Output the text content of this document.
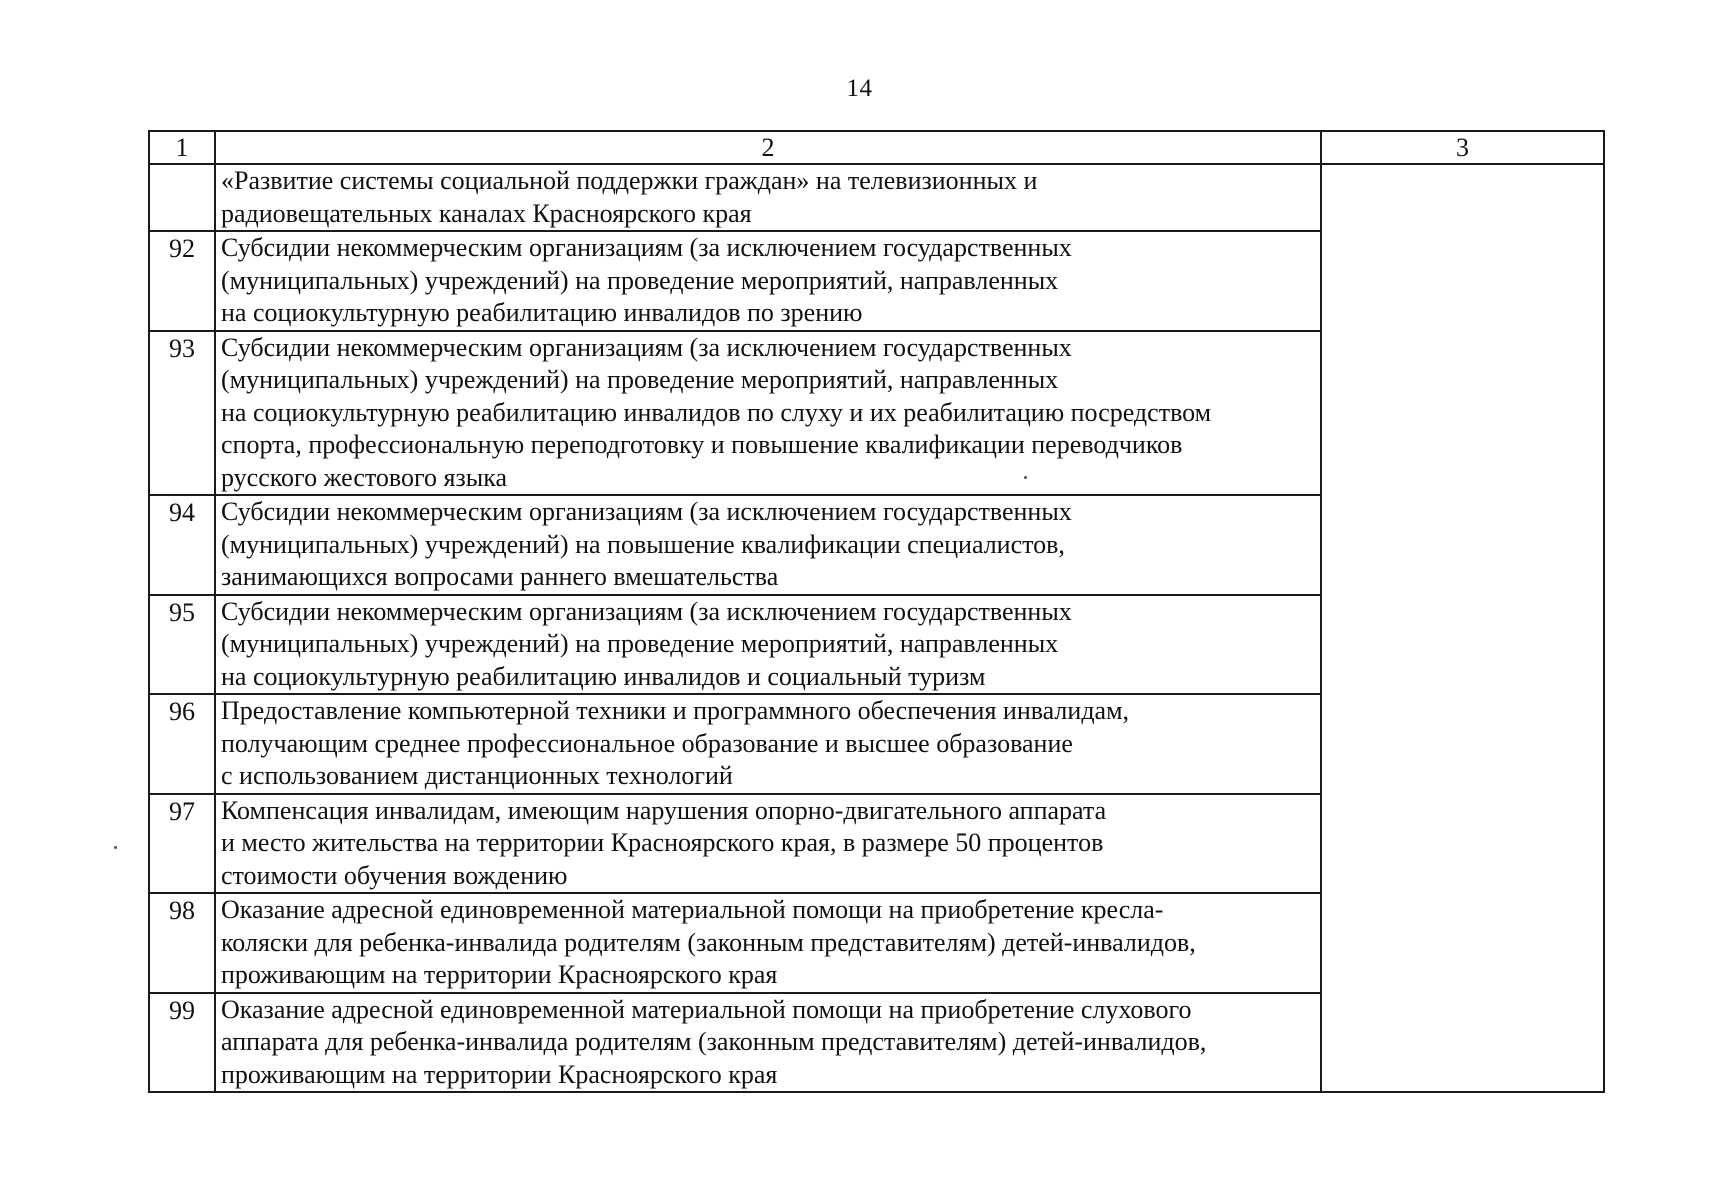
14
1	2	3

	«Развитие системы социальной поддержки граждан» на телевизионных и
радиовещательных каналах Красноярского края	

92	Субсидии некоммерческим организациям (за исключением государственных
(муниципальных) учреждений) на проведение мероприятий, направленных
на социокультурную реабилитацию инвалидов по зрению	

93	Субсидии некоммерческим организациям (за исключением государственных
(муниципальных) учреждений) на проведение мероприятий, направленных
на социокультурную реабилитацию инвалидов по слуху и их реабилитацию посредством
спорта, профессиональную переподготовку и повышение квалификации переводчиков
русского жестового языка	

94	Субсидии некоммерческим организациям (за исключением государственных
(муниципальных) учреждений) на повышение квалификации специалистов,
занимающихся вопросами раннего вмешательства	

95	Субсидии некоммерческим организациям (за исключением государственных
(муниципальных) учреждений) на проведение мероприятий, направленных
на социокультурную реабилитацию инвалидов и социальный туризм	

96	Предоставление компьютерной техники и программного обеспечения инвалидам,
получающим среднее профессиональное образование и высшее образование
с использованием дистанционных технологий	

97	Компенсация инвалидам, имеющим нарушения опорно-двигательного аппарата
и место жительства на территории Красноярского края, в размере 50 процентов
стоимости обучения вождению	

98	Оказание адресной единовременной материальной помощи на приобретение кресла-
коляски для ребенка-инвалида родителям (законным представителям) детей-инвалидов,
проживающим на территории Красноярского края	

99	Оказание адресной единовременной материальной помощи на приобретение слухового
аппарата для ребенка-инвалида родителям (законным представителям) детей-инвалидов,
проживающим на территории Красноярского края	
